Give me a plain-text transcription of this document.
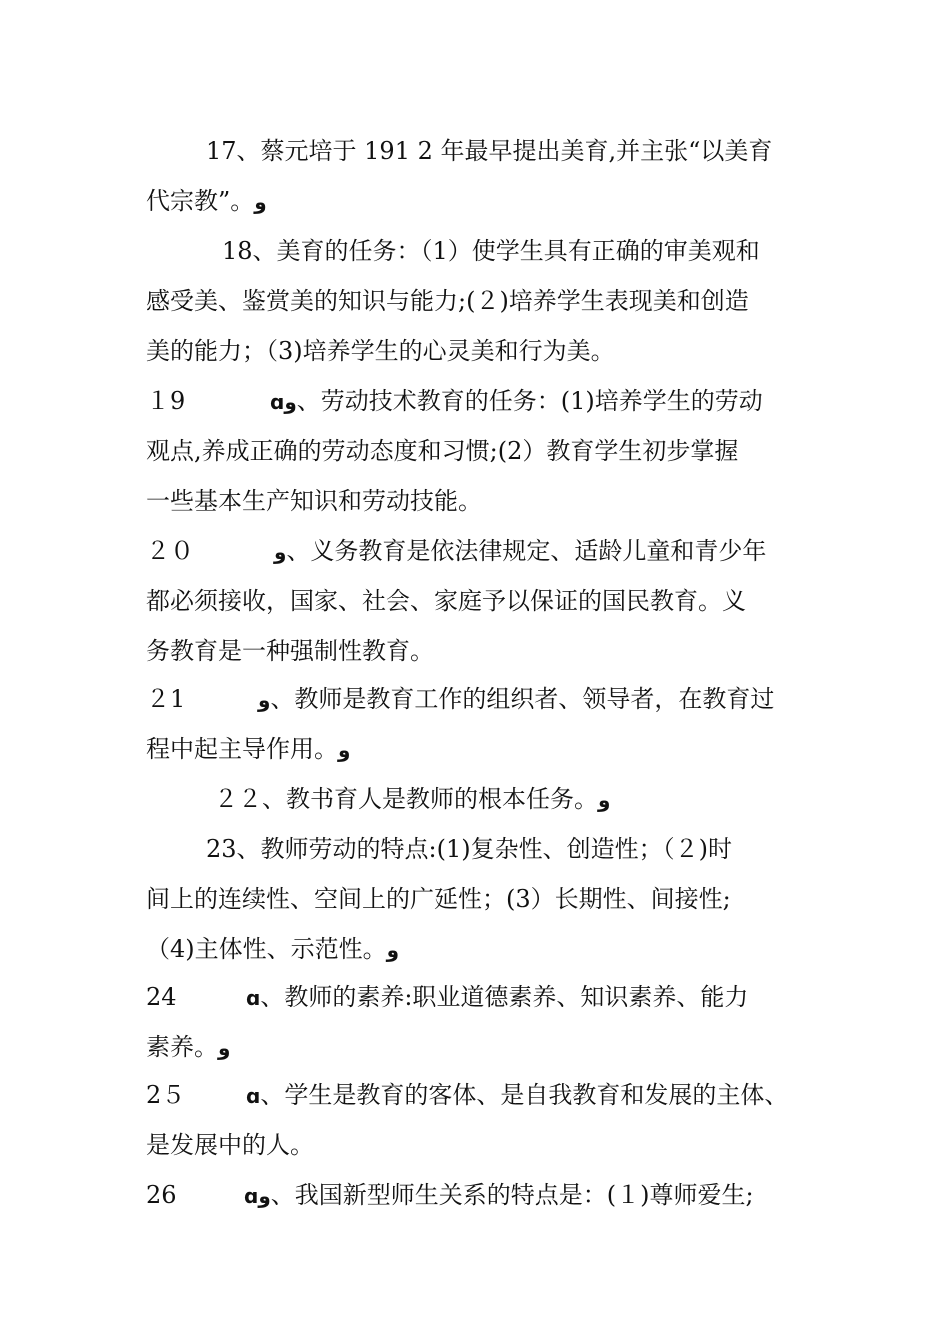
17、蔡元培于 191 2 年最早提出美育,并主张“以美育
代宗教”。و
18、美育的任务：（1）使学生具有正确的审美观和
感受美、鉴赏美的知识与能力;(２)培养学生表现美和创造
美的能力；（3)培养学生的心灵美和行为美。
１9	ɑو、劳动技术教育的任务：(1)培养学生的劳动
观点,养成正确的劳动态度和习惯;(2）教育学生初步掌握
一些基本生产知识和劳动技能。
２０	و、义务教育是依法律规定、适龄儿童和青少年
都必须接收，国家、社会、家庭予以保证的国民教育。义
务教育是一种强制性教育。
２1	و、教师是教育工作的组织者、领导者，在教育过
程中起主导作用。و
２２、教书育人是教师的根本任务。و
23、教师劳动的特点:(1)复杂性、创造性；（２)时
间上的连续性、空间上的广延性；(3）长期性、间接性;
（4)主体性、示范性。و
24	ɑ、教师的素养:职业道德素养、知识素养、能力
素养。و
2５	ɑ、学生是教育的客体、是自我教育和发展的主体、
是发展中的人。
26	ɑو、我国新型师生关系的特点是：(１)尊师爱生;
